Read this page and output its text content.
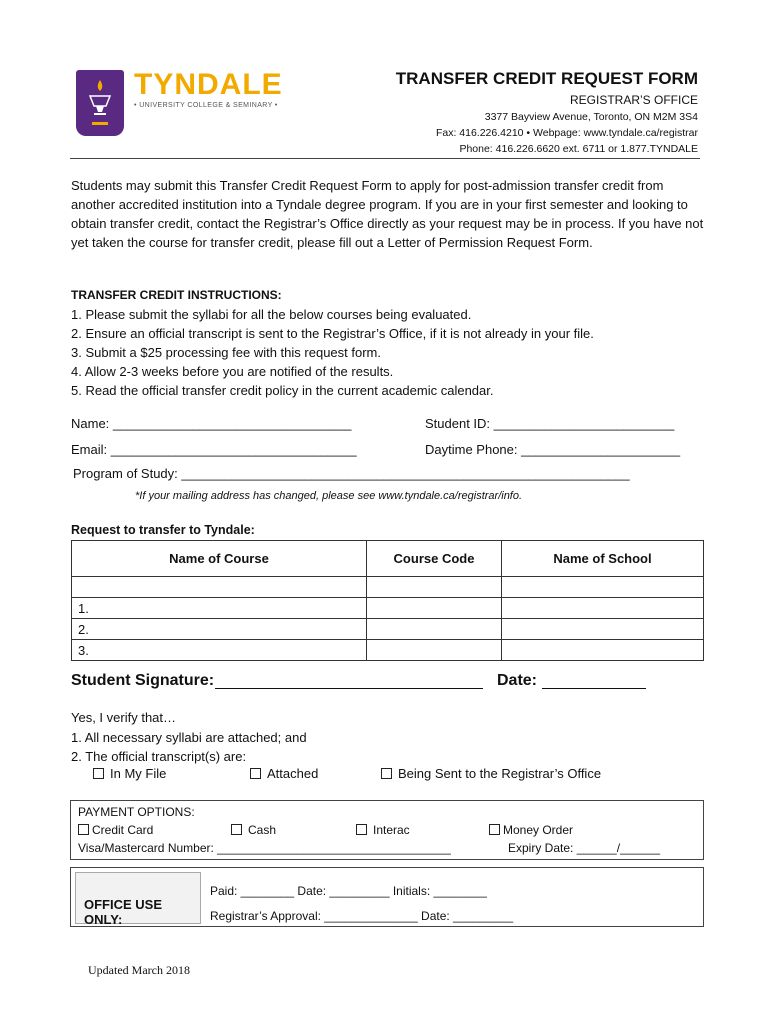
TYNDALE
• UNIVERSITY COLLEGE & SEMINARY •
TRANSFER CREDIT REQUEST FORM
REGISTRAR’S OFFICE
3377 Bayview Avenue, Toronto, ON M2M 3S4
Fax: 416.226.4210 • Webpage: www.tyndale.ca/registrar
Phone: 416.226.6620 ext. 6711 or 1.877.TYNDALE
Students may submit this Transfer Credit Request Form to apply for post-admission transfer credit from another accredited institution into a Tyndale degree program. If you are in your first semester and looking to obtain transfer credit, contact the Registrar’s Office directly as your request may be in process. If you have not yet taken the course for transfer credit, please fill out a Letter of Permission Request Form.
TRANSFER CREDIT INSTRUCTIONS:
1. Please submit the syllabi for all the below courses being evaluated.
2. Ensure an official transcript is sent to the Registrar’s Office, if it is not already in your file.
3. Submit a $25 processing fee with this request form.
4. Allow 2-3 weeks before you are notified of the results.
5. Read the official transfer credit policy in the current academic calendar.
Name: _________________________________	Student ID: _________________________
Email: __________________________________	Daytime Phone: ______________________
Program of Study: ______________________________________________________________
*If your mailing address has changed, please see www.tyndale.ca/registrar/info.
Request to transfer to Tyndale:
Name of Course	Course Code	Name of School

1.		
2.		
3.		
Student Signature:	Date:
Yes, I verify that…
1. All necessary syllabi are attached; and
2. The official transcript(s) are:
In My File	Attached	Being Sent to the Registrar’s Office
PAYMENT OPTIONS:
Credit Card	Cash	Interac	Money Order
Visa/Mastercard Number: ___________________________________	Expiry Date: ______/______
OFFICE USE ONLY:
Paid: ________ Date: _________ Initials: ________
Registrar’s Approval: ______________ Date: _________
Updated March 2018
